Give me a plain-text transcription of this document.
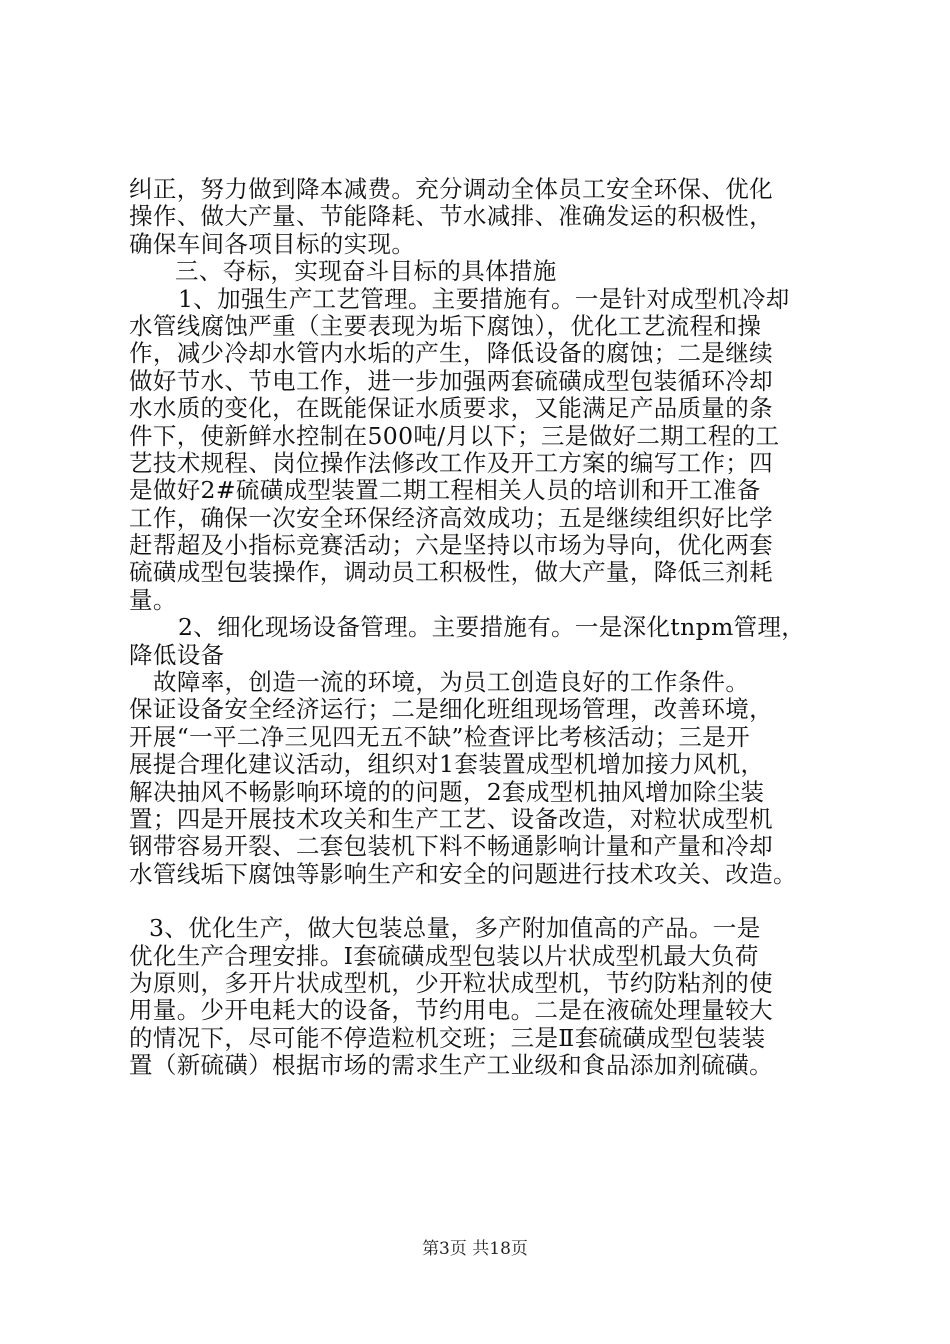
纠正，努力做到降本减费。充分调动全体员工安全环保、优化
操作、做大产量、节能降耗、节水减排、准确发运的积极性，
确保车间各项目标的实现。
三、夺标，实现奋斗目标的具体措施
1、加强生产工艺管理。主要措施有。一是针对成型机冷却
水管线腐蚀严重（主要表现为垢下腐蚀），优化工艺流程和操
作，减少冷却水管内水垢的产生，降低设备的腐蚀；二是继续
做好节水、节电工作，进一步加强两套硫磺成型包装循环冷却
水水质的变化，在既能保证水质要求，又能满足产品质量的条
件下，使新鲜水控制在500吨/月以下；三是做好二期工程的工
艺技术规程、岗位操作法修改工作及开工方案的编写工作；四
是做好2#硫磺成型装置二期工程相关人员的培训和开工准备
工作，确保一次安全环保经济高效成功；五是继续组织好比学
赶帮超及小指标竞赛活动；六是坚持以市场为导向，优化两套
硫磺成型包装操作，调动员工积极性，做大产量，降低三剂耗
量。
2、细化现场设备管理。主要措施有。一是深化tnpm管理，
降低设备
故障率，创造一流的环境，为员工创造良好的工作条件。
保证设备安全经济运行；二是细化班组现场管理，改善环境，
开展“一平二净三见四无五不缺”检查评比考核活动；三是开
展提合理化建议活动，组织对1套装置成型机增加接力风机，
解决抽风不畅影响环境的的问题，2套成型机抽风增加除尘装
置；四是开展技术攻关和生产工艺、设备改造，对粒状成型机
钢带容易开裂、二套包装机下料不畅通影响计量和产量和冷却
水管线垢下腐蚀等影响生产和安全的问题进行技术攻关、改造。
3、优化生产，做大包装总量，多产附加值高的产品。一是
优化生产合理安排。Ⅰ套硫磺成型包装以片状成型机最大负荷
为原则，多开片状成型机，少开粒状成型机，节约防粘剂的使
用量。少开电耗大的设备，节约用电。二是在液硫处理量较大
的情况下，尽可能不停造粒机交班；三是Ⅱ套硫磺成型包装装
置（新硫磺）根据市场的需求生产工业级和食品添加剂硫磺。
第3页 共18页
